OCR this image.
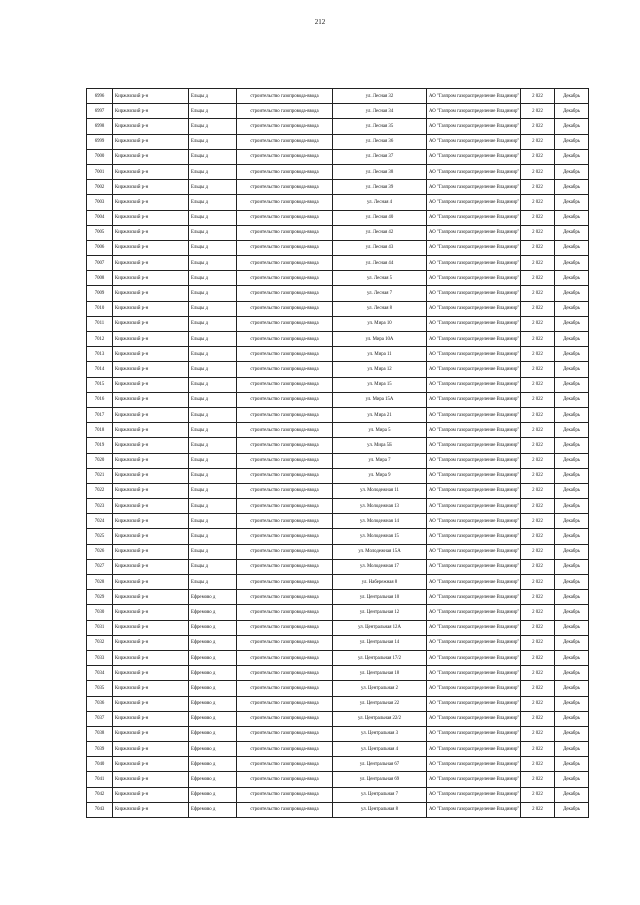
212
6996	Киржачский р-н	Ельцы д	строительство газопровода-ввода	ул. Лесная 32	АО "Газпром газораспределение Владимир"	2 022	Декабрь
6997	Киржачский р-н	Ельцы д	строительство газопровода-ввода	ул. Лесная 34	АО "Газпром газораспределение Владимир"	2 022	Декабрь
6998	Киржачский р-н	Ельцы д	строительство газопровода-ввода	ул. Лесная 35	АО "Газпром газораспределение Владимир"	2 022	Декабрь
6999	Киржачский р-н	Ельцы д	строительство газопровода-ввода	ул. Лесная 36	АО "Газпром газораспределение Владимир"	2 022	Декабрь
7000	Киржачский р-н	Ельцы д	строительство газопровода-ввода	ул. Лесная 37	АО "Газпром газораспределение Владимир"	2 022	Декабрь
7001	Киржачский р-н	Ельцы д	строительство газопровода-ввода	ул. Лесная 38	АО "Газпром газораспределение Владимир"	2 022	Декабрь
7002	Киржачский р-н	Ельцы д	строительство газопровода-ввода	ул. Лесная 39	АО "Газпром газораспределение Владимир"	2 022	Декабрь
7003	Киржачский р-н	Ельцы д	строительство газопровода-ввода	ул. Лесная 4	АО "Газпром газораспределение Владимир"	2 022	Декабрь
7004	Киржачский р-н	Ельцы д	строительство газопровода-ввода	ул. Лесная 40	АО "Газпром газораспределение Владимир"	2 022	Декабрь
7005	Киржачский р-н	Ельцы д	строительство газопровода-ввода	ул. Лесная 42	АО "Газпром газораспределение Владимир"	2 022	Декабрь
7006	Киржачский р-н	Ельцы д	строительство газопровода-ввода	ул. Лесная 43	АО "Газпром газораспределение Владимир"	2 022	Декабрь
7007	Киржачский р-н	Ельцы д	строительство газопровода-ввода	ул. Лесная 44	АО "Газпром газораспределение Владимир"	2 022	Декабрь
7008	Киржачский р-н	Ельцы д	строительство газопровода-ввода	ул. Лесная 5	АО "Газпром газораспределение Владимир"	2 022	Декабрь
7009	Киржачский р-н	Ельцы д	строительство газопровода-ввода	ул. Лесная 7	АО "Газпром газораспределение Владимир"	2 022	Декабрь
7010	Киржачский р-н	Ельцы д	строительство газопровода-ввода	ул. Лесная 8	АО "Газпром газораспределение Владимир"	2 022	Декабрь
7011	Киржачский р-н	Ельцы д	строительство газопровода-ввода	ул. Мира 10	АО "Газпром газораспределение Владимир"	2 022	Декабрь
7012	Киржачский р-н	Ельцы д	строительство газопровода-ввода	ул. Мира 10А	АО "Газпром газораспределение Владимир"	2 022	Декабрь
7013	Киржачский р-н	Ельцы д	строительство газопровода-ввода	ул. Мира 11	АО "Газпром газораспределение Владимир"	2 022	Декабрь
7014	Киржачский р-н	Ельцы д	строительство газопровода-ввода	ул. Мира 12	АО "Газпром газораспределение Владимир"	2 022	Декабрь
7015	Киржачский р-н	Ельцы д	строительство газопровода-ввода	ул. Мира 15	АО "Газпром газораспределение Владимир"	2 022	Декабрь
7016	Киржачский р-н	Ельцы д	строительство газопровода-ввода	ул. Мира 15А	АО "Газпром газораспределение Владимир"	2 022	Декабрь
7017	Киржачский р-н	Ельцы д	строительство газопровода-ввода	ул. Мира 21	АО "Газпром газораспределение Владимир"	2 022	Декабрь
7018	Киржачский р-н	Ельцы д	строительство газопровода-ввода	ул. Мира 5	АО "Газпром газораспределение Владимир"	2 022	Декабрь
7019	Киржачский р-н	Ельцы д	строительство газопровода-ввода	ул. Мира 5Б	АО "Газпром газораспределение Владимир"	2 022	Декабрь
7020	Киржачский р-н	Ельцы д	строительство газопровода-ввода	ул. Мира 7	АО "Газпром газораспределение Владимир"	2 022	Декабрь
7021	Киржачский р-н	Ельцы д	строительство газопровода-ввода	ул. Мира 9	АО "Газпром газораспределение Владимир"	2 022	Декабрь
7022	Киржачский р-н	Ельцы д	строительство газопровода-ввода	ул. Молодежная 11	АО "Газпром газораспределение Владимир"	2 022	Декабрь
7023	Киржачский р-н	Ельцы д	строительство газопровода-ввода	ул. Молодежная 13	АО "Газпром газораспределение Владимир"	2 022	Декабрь
7024	Киржачский р-н	Ельцы д	строительство газопровода-ввода	ул. Молодежная 14	АО "Газпром газораспределение Владимир"	2 022	Декабрь
7025	Киржачский р-н	Ельцы д	строительство газопровода-ввода	ул. Молодежная 15	АО "Газпром газораспределение Владимир"	2 022	Декабрь
7026	Киржачский р-н	Ельцы д	строительство газопровода-ввода	ул. Молодежная 15А	АО "Газпром газораспределение Владимир"	2 022	Декабрь
7027	Киржачский р-н	Ельцы д	строительство газопровода-ввода	ул. Молодежная 17	АО "Газпром газораспределение Владимир"	2 022	Декабрь
7028	Киржачский р-н	Ельцы д	строительство газопровода-ввода	ул. Набережная 8	АО "Газпром газораспределение Владимир"	2 022	Декабрь
7029	Киржачский р-н	Ефремово д	строительство газопровода-ввода	ул. Центральная 10	АО "Газпром газораспределение Владимир"	2 022	Декабрь
7030	Киржачский р-н	Ефремово д	строительство газопровода-ввода	ул. Центральная 12	АО "Газпром газораспределение Владимир"	2 022	Декабрь
7031	Киржачский р-н	Ефремово д	строительство газопровода-ввода	ул. Центральная 12А	АО "Газпром газораспределение Владимир"	2 022	Декабрь
7032	Киржачский р-н	Ефремово д	строительство газопровода-ввода	ул. Центральная 14	АО "Газпром газораспределение Владимир"	2 022	Декабрь
7033	Киржачский р-н	Ефремово д	строительство газопровода-ввода	ул. Центральная 17/2	АО "Газпром газораспределение Владимир"	2 022	Декабрь
7034	Киржачский р-н	Ефремово д	строительство газопровода-ввода	ул. Центральная 18	АО "Газпром газораспределение Владимир"	2 022	Декабрь
7035	Киржачский р-н	Ефремово д	строительство газопровода-ввода	ул. Центральная 2	АО "Газпром газораспределение Владимир"	2 022	Декабрь
7036	Киржачский р-н	Ефремово д	строительство газопровода-ввода	ул. Центральная 22	АО "Газпром газораспределение Владимир"	2 022	Декабрь
7037	Киржачский р-н	Ефремово д	строительство газопровода-ввода	ул. Центральная 22/2	АО "Газпром газораспределение Владимир"	2 022	Декабрь
7038	Киржачский р-н	Ефремово д	строительство газопровода-ввода	ул. Центральная 3	АО "Газпром газораспределение Владимир"	2 022	Декабрь
7039	Киржачский р-н	Ефремово д	строительство газопровода-ввода	ул. Центральная 4	АО "Газпром газораспределение Владимир"	2 022	Декабрь
7040	Киржачский р-н	Ефремово д	строительство газопровода-ввода	ул. Центральная 67	АО "Газпром газораспределение Владимир"	2 022	Декабрь
7041	Киржачский р-н	Ефремово д	строительство газопровода-ввода	ул. Центральная 69	АО "Газпром газораспределение Владимир"	2 022	Декабрь
7042	Киржачский р-н	Ефремово д	строительство газопровода-ввода	ул. Центральная 7	АО "Газпром газораспределение Владимир"	2 022	Декабрь
7043	Киржачский р-н	Ефремово д	строительство газопровода-ввода	ул. Центральная 8	АО "Газпром газораспределение Владимир"	2 022	Декабрь
